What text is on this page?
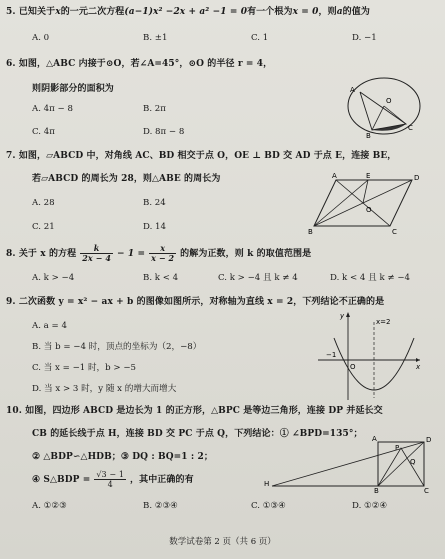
5. 已知关于x的一元二次方程(a−1)x² −2x + a² −1 = 0有一个根为x = 0，则a的值为
A. 0	B. ±1	C. 1	D. −1
6. 如图，△ABC 内接于⊙O，若∠A=45°，⊙O 的半径 r = 4，
则阴影部分的面积为
A. 4π − 8	B. 2π
C. 4π	D. 8π − 8
A
O
B
C
7. 如图，▱ABCD 中，对角线 AC、BD 相交于点 O，OE ⊥ BD 交 AD 于点 E，连接 BE，
若▱ABCD 的周长为 28，则△ABE 的周长为
A. 28	B. 24
C. 21	D. 14
A	E	D
O
B	C
8. 关于 x 的方程 $\frac{k}{2x - 4} - 1 = \frac{x}{x - 2}$ 的解为正数，则 k 的取值范围是
A. k > −4	B. k < 4	C. k > −4 且 k ≠ 4	D. k < 4 且 k ≠ −4
9. 二次函数 y = x² − ax + b 的图像如图所示，对称轴为直线 x = 2，下列结论不正确的是
A. a = 4
B. 当 b = −4 时，顶点的坐标为（2，−8）
C. 当 x = −1 时，b > −5
D. 当 x > 3 时，y 随 x 的增大而增大
y
x=2
−1
O	x
10. 如图，四边形 ABCD 是边长为 1 的正方形，△BPC 是等边三角形，连接 DP 并延长交
CB 的延长线于点 H，连接 BD 交 PC 于点 Q，下列结论：① ∠BPD=135°；
② △BDP∽△HDB；③ DQ : BQ=1 : 2；
④ S△BDP = $\frac{√3 - 1}{4}$ ，其中正确的有
A. ①②③	B. ②③④	C. ①③④	D. ①②④
A	D
P
Q
H
B	C
数学试卷第 2 页（共 6 页）
